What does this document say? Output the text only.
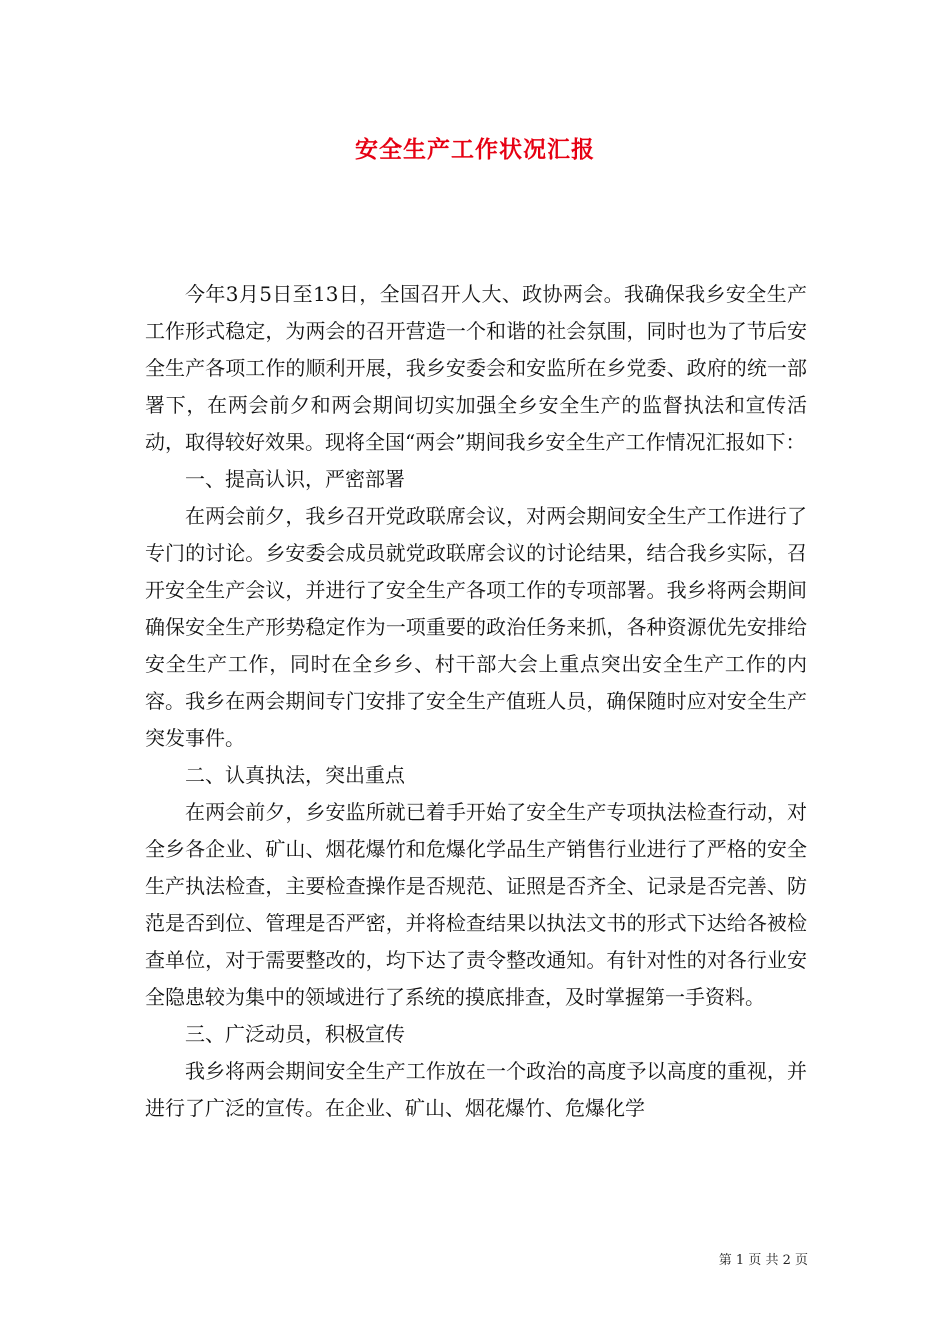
安全生产工作状况汇报

今年3月5日至13日，全国召开人大、政协两会。我确保我乡安全生产工作形式稳定，为两会的召开营造一个和谐的社会氛围，同时也为了节后安全生产各项工作的顺利开展，我乡安委会和安监所在乡党委、政府的统一部署下，在两会前夕和两会期间切实加强全乡安全生产的监督执法和宣传活动，取得较好效果。现将全国“两会”期间我乡安全生产工作情况汇报如下：

一、提高认识，严密部署

在两会前夕，我乡召开党政联席会议，对两会期间安全生产工作进行了专门的讨论。乡安委会成员就党政联席会议的讨论结果，结合我乡实际，召开安全生产会议，并进行了安全生产各项工作的专项部署。我乡将两会期间确保安全生产形势稳定作为一项重要的政治任务来抓，各种资源优先安排给安全生产工作，同时在全乡乡、村干部大会上重点突出安全生产工作的内容。我乡在两会期间专门安排了安全生产值班人员，确保随时应对安全生产突发事件。

二、认真执法，突出重点

在两会前夕，乡安监所就已着手开始了安全生产专项执法检查行动，对全乡各企业、矿山、烟花爆竹和危爆化学品生产销售行业进行了严格的安全生产执法检查，主要检查操作是否规范、证照是否齐全、记录是否完善、防范是否到位、管理是否严密，并将检查结果以执法文书的形式下达给各被检查单位，对于需要整改的，均下达了责令整改通知。有针对性的对各行业安全隐患较为集中的领域进行了系统的摸底排查，及时掌握第一手资料。

三、广泛动员，积极宣传

我乡将两会期间安全生产工作放在一个政治的高度予以高度的重视，并进行了广泛的宣传。在企业、矿山、烟花爆竹、危爆化学

第 1 页 共 2 页
